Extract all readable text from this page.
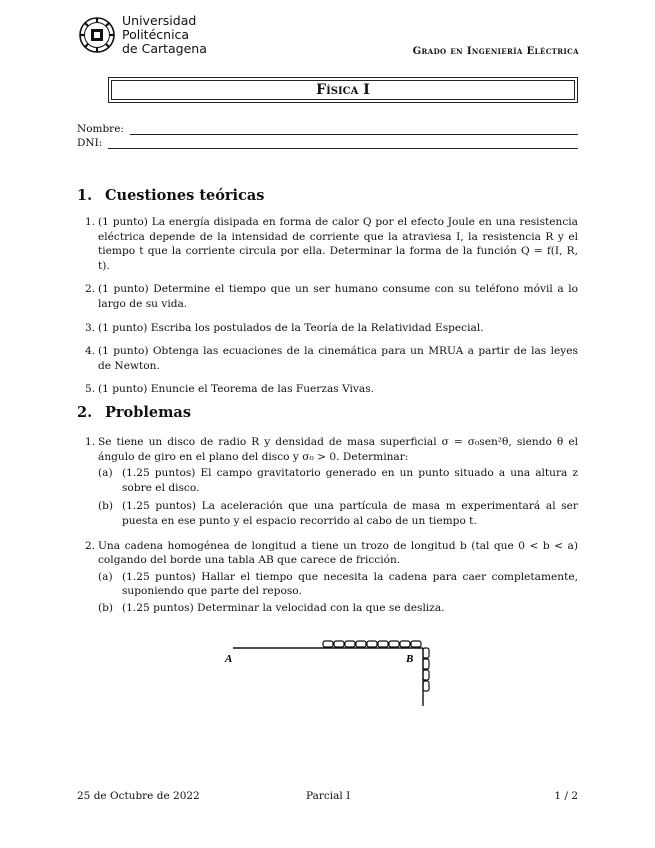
Universidad
Politécnica
de Cartagena	Grado en Ingeniería Eléctrica
Física I
Nombre:
DNI:
1. Cuestiones teóricas
1. (1 punto) La energía disipada en forma de calor Q por el efecto Joule en una resistencia eléctrica depende de la intensidad de corriente que la atraviesa I, la resistencia R y el tiempo t que la corriente circula por ella. Determinar la forma de la función Q = f(I, R, t).
2. (1 punto) Determine el tiempo que un ser humano consume con su teléfono móvil a lo largo de su vida.
3. (1 punto) Escriba los postulados de la Teoría de la Relatividad Especial.
4. (1 punto) Obtenga las ecuaciones de la cinemática para un MRUA a partir de las leyes de Newton.
5. (1 punto) Enuncie el Teorema de las Fuerzas Vivas.
2. Problemas
1. Se tiene un disco de radio R y densidad de masa superficial σ = σ₀sen²θ, siendo θ el ángulo de giro en el plano del disco y σ₀ > 0. Determinar:
(a) (1.25 puntos) El campo gravitatorio generado en un punto situado a una altura z sobre el disco.
(b) (1.25 puntos) La aceleración que una partícula de masa m experimentará al ser puesta en ese punto y el espacio recorrido al cabo de un tiempo t.
2. Una cadena homogénea de longitud a tiene un trozo de longitud b (tal que 0 < b < a) colgando del borde una tabla AB que carece de fricción.
(a) (1.25 puntos) Hallar el tiempo que necesita la cadena para caer completamente, suponiendo que parte del reposo.
(b) (1.25 puntos) Determinar la velocidad con la que se desliza.
A	B
25 de Octubre de 2022	Parcial I	1 / 2
